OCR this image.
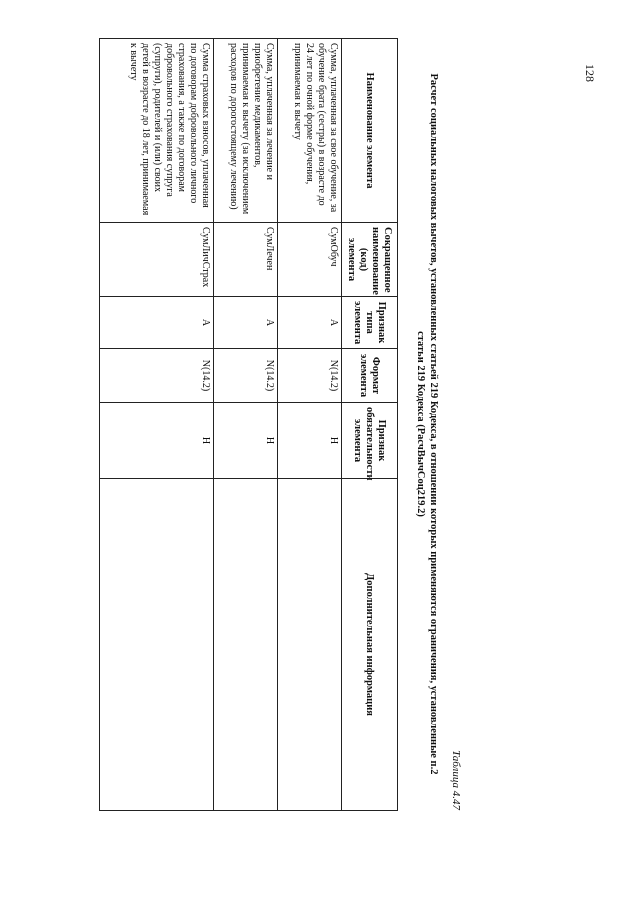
128
Таблица 4.47
Расчет социальных налоговых вычетов, установленных статьей 219 Кодекса, в отношении которых применяются ограничения, установленные п.2 статьи 219 Кодекса (РасчВычСоц219.2)
Наименование элемента	Сокращенное наименование (код) элемента	Признак типа элемента	Формат элемента	Признак обязательности элемента	Дополнительная информация
Сумма, уплаченная за свое обучение, за обучение брата (сестры) в возрасте до 24 лет по очной форме обучения, принимаемая к вычету	СумОбуч	А	N(14.2)	Н	
Сумма, уплаченная за лечение и приобретение медикаментов, принимаемая к вычету (за исключением расходов по дорогостоящему лечению)	СумЛечен	А	N(14.2)	Н	
Сумма страховых взносов, уплаченная по договорам добровольного личного страхования, а также по договорам добровольного страхования супруга (супруги), родителей и (или) своих детей в возрасте до 18 лет, принимаемая к вычету	СумЛичСтрах	А	N(14.2)	Н	
